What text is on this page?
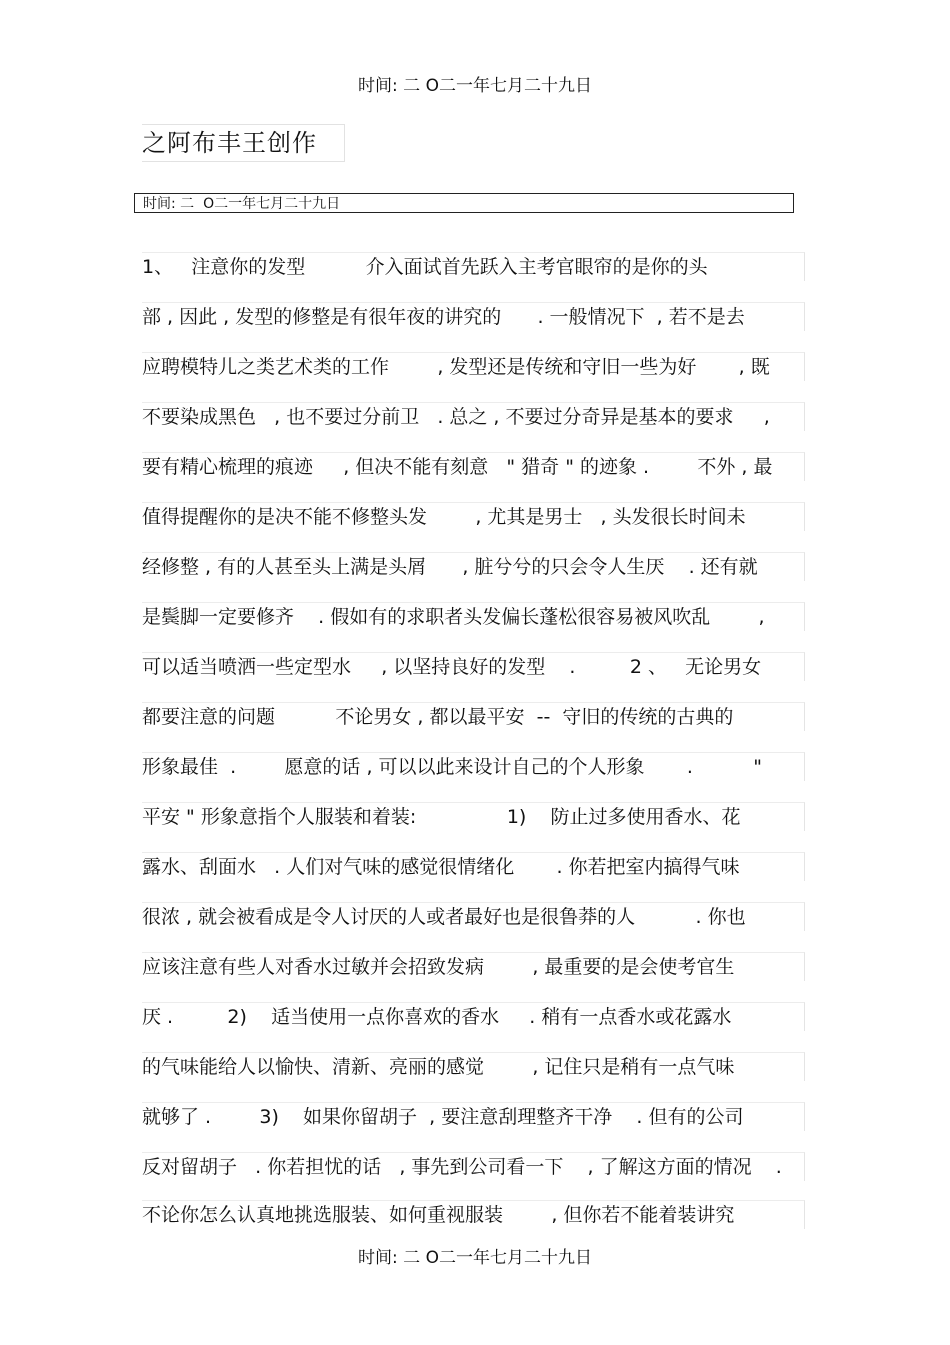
时间: 二 O二一年七月二十九日
之阿布丰王创作
时间: 二  O二一年七月二十九日
1、   注意你的发型          介入面试首先跃入主考官眼帘的是你的头
部 , 因此 , 发型的修整是有很年夜的讲究的      . 一般情况下  , 若不是去
应聘模特儿之类艺术类的工作        , 发型还是传统和守旧一些为好       , 既
不要染成黑色   , 也不要过分前卫   . 总之 , 不要过分奇异是基本的要求     ,
要有精心梳理的痕迹     , 但决不能有刻意   " 猎奇 " 的迹象 .        不外 , 最
值得提醒你的是决不能不修整头发        , 尤其是男士   , 头发很长时间未
经修整 , 有的人甚至头上满是头屑      , 脏兮兮的只会令人生厌    . 还有就
是鬓脚一定要修齐    . 假如有的求职者头发偏长蓬松很容易被风吹乱        ,
可以适当喷洒一些定型水     , 以坚持良好的发型    .         2 、   无论男女
都要注意的问题          不论男女 , 都以最平安  --  守旧的传统的古典的
形象最佳  .        愿意的话 , 可以以此来设计自己的个人形象       .          "
平安 " 形象意指个人服装和着装:               1)    防止过多使用香水、花
露水、刮面水   . 人们对气味的感觉很情绪化       . 你若把室内搞得气味
很浓 , 就会被看成是令人讨厌的人或者最好也是很鲁莽的人          . 你也
应该注意有些人对香水过敏并会招致发病        , 最重要的是会使考官生
厌 .         2)    适当使用一点你喜欢的香水     . 稍有一点香水或花露水
的气味能给人以愉快、清新、亮丽的感觉        , 记住只是稍有一点气味
就够了 .        3)    如果你留胡子  , 要注意刮理整齐干净    . 但有的公司
反对留胡子   . 你若担忧的话   , 事先到公司看一下    , 了解这方面的情况    .
不论你怎么认真地挑选服装、如何重视服装        , 但你若不能着装讲究
时间: 二 O二一年七月二十九日
